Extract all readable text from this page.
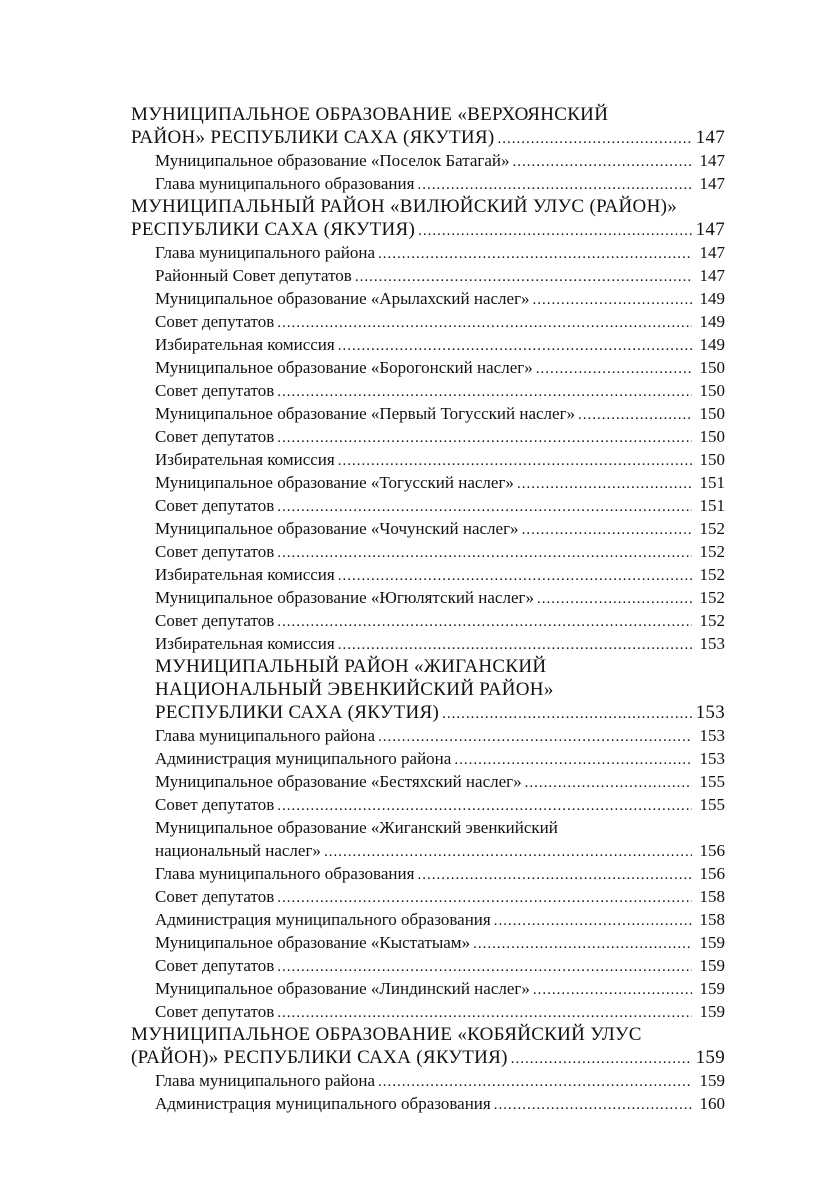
МУНИЦИПАЛЬНОЕ ОБРАЗОВАНИЕ «ВЕРХОЯНСКИЙ
РАЙОН» РЕСПУБЛИКИ САХА (ЯКУТИЯ) .....	147
Муниципальное образование «Поселок Батагай» .....	147
Глава муниципального образования .....	147
МУНИЦИПАЛЬНЫЙ РАЙОН «ВИЛЮЙСКИЙ УЛУС (РАЙОН)»
РЕСПУБЛИКИ САХА (ЯКУТИЯ) .....	147
Глава муниципального района .....	147
Районный Совет депутатов .....	147
Муниципальное образование «Арылахский наслег» .....	149
Совет депутатов .....	149
Избирательная комиссия .....	149
Муниципальное образование «Борогонский наслег» .....	150
Совет депутатов .....	150
Муниципальное образование «Первый Тогусский наслег» .....	150
Совет депутатов .....	150
Избирательная комиссия .....	150
Муниципальное образование «Тогусский наслег» .....	151
Совет депутатов .....	151
Муниципальное образование «Чочунский наслег» .....	152
Совет депутатов .....	152
Избирательная комиссия .....	152
Муниципальное образование «Югюлятский наслег» .....	152
Совет депутатов .....	152
Избирательная комиссия .....	153
МУНИЦИПАЛЬНЫЙ РАЙОН «ЖИГАНСКИЙ
НАЦИОНАЛЬНЫЙ ЭВЕНКИЙСКИЙ РАЙОН»
РЕСПУБЛИКИ САХА (ЯКУТИЯ) .....	153
Глава муниципального района .....	153
Администрация муниципального района .....	153
Муниципальное образование «Бестяхский наслег» .....	155
Совет депутатов .....	155
Муниципальное образование «Жиганский эвенкийский
национальный наслег» .....	156
Глава муниципального образования .....	156
Совет депутатов .....	158
Администрация муниципального образования .....	158
Муниципальное образование «Кыстатыам» .....	159
Совет депутатов .....	159
Муниципальное образование «Линдинский наслег» .....	159
Совет депутатов .....	159
МУНИЦИПАЛЬНОЕ ОБРАЗОВАНИЕ «КОБЯЙСКИЙ УЛУС
(РАЙОН)» РЕСПУБЛИКИ САХА (ЯКУТИЯ) .....	159
Глава муниципального района .....	159
Администрация муниципального образования .....	160
